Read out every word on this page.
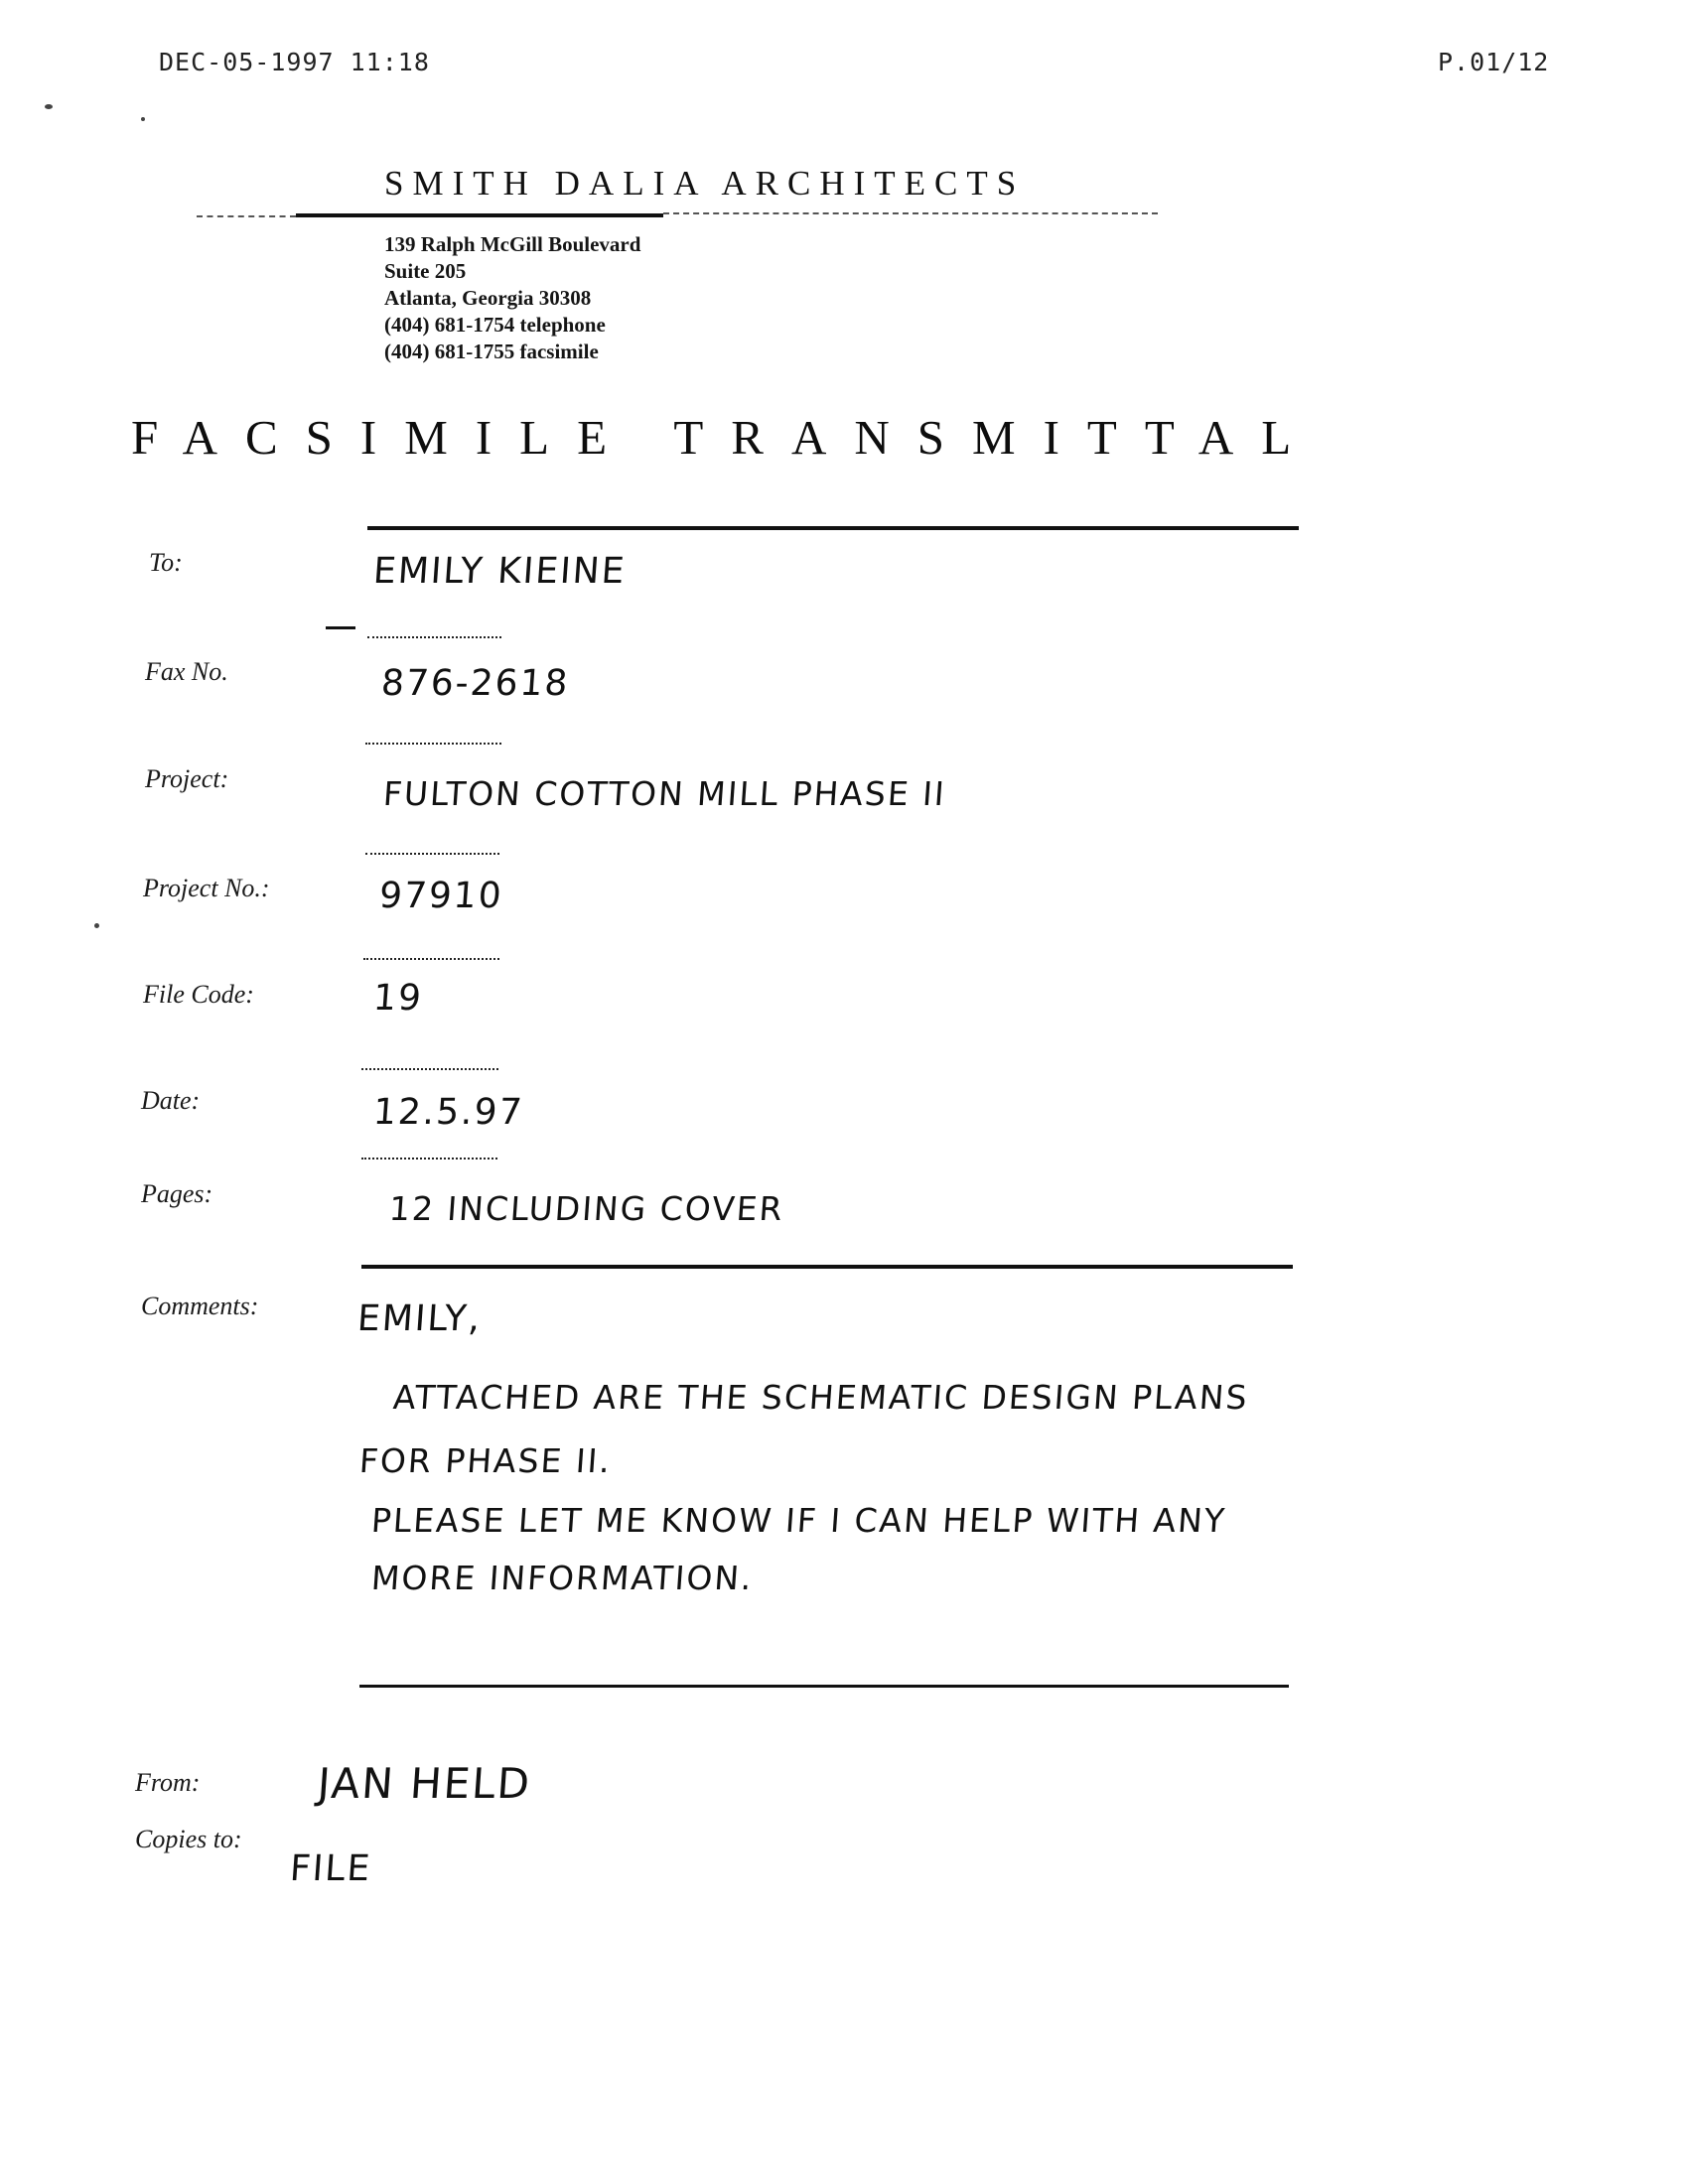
DEC-05-1997 11:18	P.01/12
SMITH DALIA ARCHITECTS
139 Ralph McGill Boulevard
Suite 205
Atlanta, Georgia 30308
(404) 681-1754 telephone
(404) 681-1755 facsimile
FACSIMILE TRANSMITTAL
To:	EMILY KIEINE
Fax No.	876-2618
Project:	FULTON COTTON MILL PHASE II
Project No.:	97910
File Code:	19
Date:	12.5.97
Pages:	12 INCLUDING COVER
Comments:	EMILY,
ATTACHED ARE THE SCHEMATIC DESIGN PLANS
FOR PHASE II.
PLEASE LET ME KNOW IF I CAN HELP WITH ANY
MORE INFORMATION.
From:	JAN HELD
Copies to:
FILE
